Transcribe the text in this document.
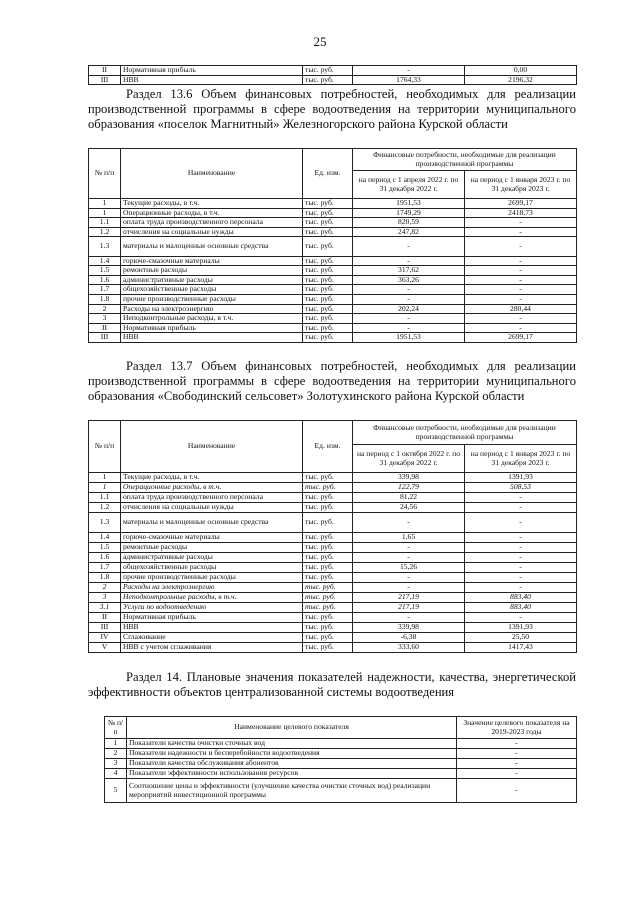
25
II	Нормативная прибыль	тыс. руб.	-	0,00
III	НВВ	тыс. руб.	1764,33	2196,32
Раздел 13.6 Объем финансовых потребностей, необходимых для реализации производственной программы в сфере водоотведения на территории муниципального образования «поселок Магнитный» Железногорского района Курской области
№ п/п	Наименование	Ед. изм.	Финансовые потребности, необходимые для реализации производственной программы	
			на период с 1 апреля 2022 г. по 31 декабря 2022 г.	на период с 1 января 2023 г. по 31 декабря 2023 г.
1	Текущие расходы, в т.ч.	тыс. руб.	1951,53	2699,17
1	Операционные расходы, в т.ч.	тыс. руб.	1749,29	2418,73
1.1	оплата труда производственного персонала	тыс. руб.	820,59	-
1.2	отчисления на социальные нужды	тыс. руб.	247,82	-
1.3	материалы и малоценные основные средства	тыс. руб.	-	-
1.4	горюче-смазочные материалы	тыс. руб.	-	-
1.5	ремонтные расходы	тыс. руб.	317,62	-
1.6	административные расходы	тыс. руб.	363,26	-
1.7	общехозяйственные расходы	тыс. руб.	-	-
1.8	прочие производственные расходы	тыс. руб.	-	-
2	Расходы на электроэнергию	тыс. руб.	202,24	280,44
3	Неподконтрольные расходы, в т.ч.	тыс. руб.	-	-
II	Нормативная прибыль	тыс. руб.	-	-
III	НВВ	тыс. руб.	1951,53	2699,17
Раздел 13.7 Объем финансовых потребностей, необходимых для реализации производственной программы в сфере водоотведения на территории муниципального образования «Свободинский сельсовет» Золотухинского района Курской области
№ п/п	Наименование	Ед. изм.	Финансовые потребности, необходимые для реализации производственной программы	
			на период с 1 октября 2022 г. по 31 декабря 2022 г.	на период с 1 января 2023 г. по 31 декабря 2023 г.
1	Текущие расходы, в т.ч.	тыс. руб.	339,98	1391,93
1	Операционные расходы, в т.ч.	тыс. руб.	122,79	508,53
1.1	оплата труда производственного персонала	тыс. руб.	81,22	-
1.2	отчисления на социальные нужды	тыс. руб.	24,56	-
1.3	материалы и малоценные основные средства	тыс. руб.	-	-
1.4	горюче-смазочные материалы	тыс. руб.	1,65	-
1.5	ремонтные расходы	тыс. руб.	-	-
1.6	административные расходы	тыс. руб.	-	-
1.7	общехозяйственные расходы	тыс. руб.	15,26	-
1.8	прочие производственные расходы	тыс. руб.	-	-
2	Расходы на электроэнергию	тыс. руб.	-	-
3	Неподконтрольные расходы, в т.ч.	тыс. руб.	217,19	883,40
3.1	Услуги по водоотведению	тыс. руб.	217,19	883,40
II	Нормативная прибыль	тыс. руб.	-	-
III	НВВ	тыс. руб.	339,98	1391,93
IV	Сглаживание	тыс. руб.	-6,38	25,50
V	НВВ с учетом сглаживания	тыс. руб.	333,60	1417,43
Раздел 14. Плановые значения показателей надежности, качества, энергетической эффективности объектов централизованной системы водоотведения
№ п/п	Наименование целевого показателя	Значение целевого показателя на 2019-2023 годы
1	Показатели качества очистки сточных вод	-
2	Показатели надежности и бесперебойности водоотведения	-
3	Показатели качества обслуживания абонентов	-
4	Показатели эффективности использования ресурсов	-
5	Соотношение цены и эффективности (улучшение качества очистки сточных вод) реализации мероприятий инвестиционной программы	-
